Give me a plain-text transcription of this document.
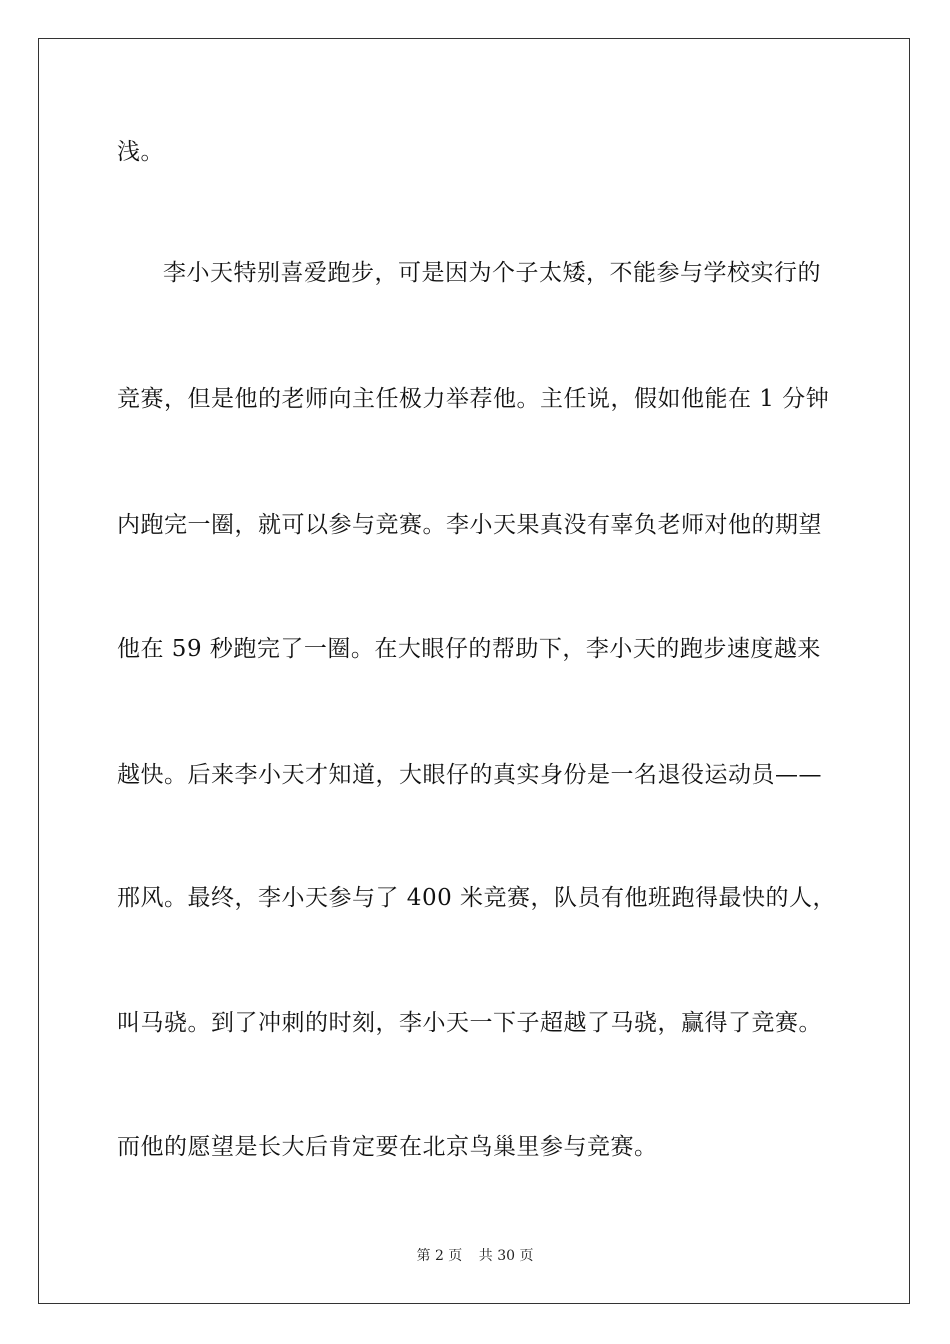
浅。
李小天特别喜爱跑步，可是因为个子太矮，不能参与学校实行的
竞赛，但是他的老师向主任极力举荐他。主任说，假如他能在 1 分钟
内跑完一圈，就可以参与竞赛。李小天果真没有辜负老师对他的期望
他在 59 秒跑完了一圈。在大眼仔的帮助下，李小天的跑步速度越来
越快。后来李小天才知道，大眼仔的真实身份是一名退役运动员——
邢风。最终，李小天参与了 400 米竞赛，队员有他班跑得最快的人，
叫马骁。到了冲刺的时刻，李小天一下子超越了马骁，赢得了竞赛。
而他的愿望是长大后肯定要在北京鸟巢里参与竞赛。
第 2 页 共 30 页
